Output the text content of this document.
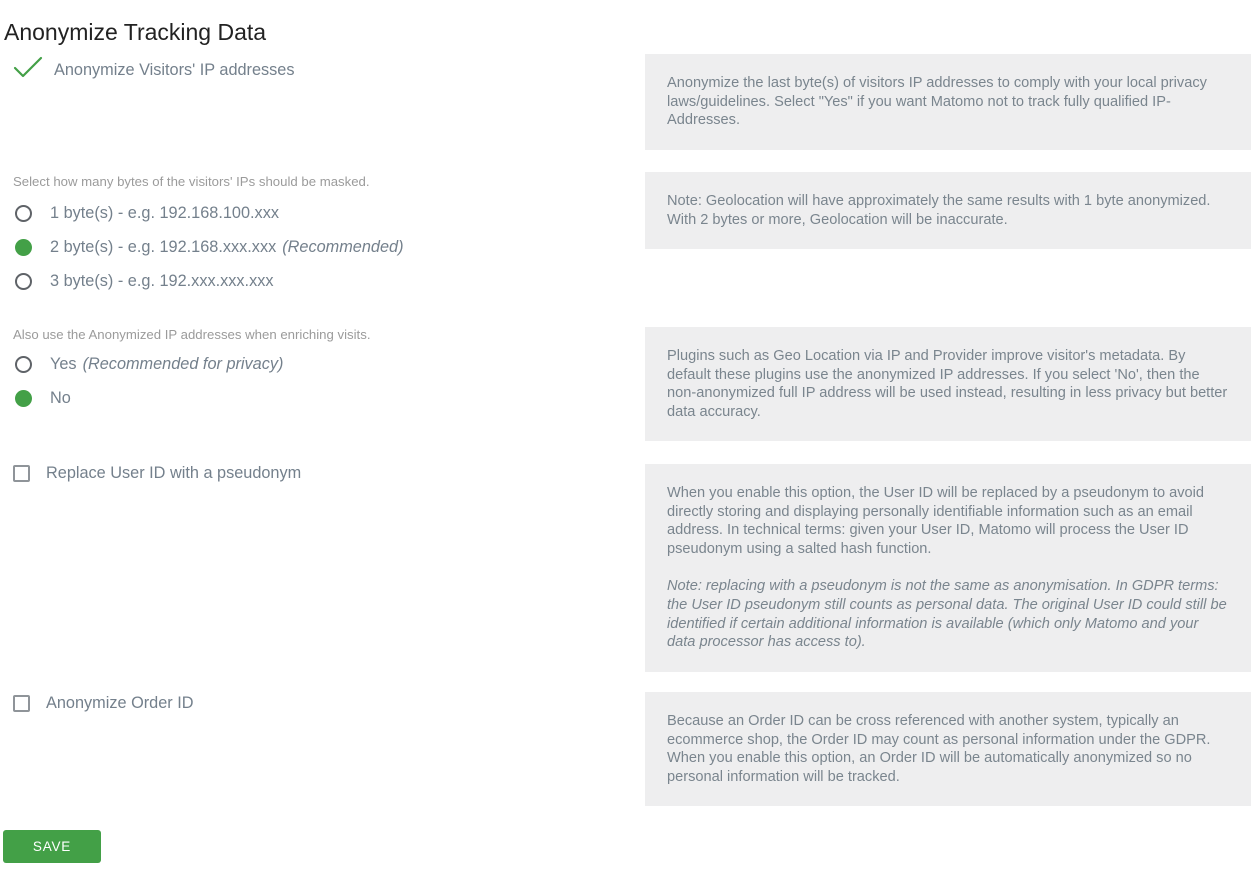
Anonymize Tracking Data
Anonymize Visitors' IP addresses

Anonymize the last byte(s) of visitors IP addresses to comply with your local privacy laws/guidelines. Select "Yes" if you want Matomo not to track fully qualified IP-Addresses.

Select how many bytes of the visitors' IPs should be masked.
1 byte(s) - e.g. 192.168.100.xxx
2 byte(s) - e.g. 192.168.xxx.xxx (Recommended)
3 byte(s) - e.g. 192.xxx.xxx.xxx

Note: Geolocation will have approximately the same results with 1 byte anonymized. With 2 bytes or more, Geolocation will be inaccurate.

Also use the Anonymized IP addresses when enriching visits.
Yes (Recommended for privacy)
No

Plugins such as Geo Location via IP and Provider improve visitor's metadata. By default these plugins use the anonymized IP addresses. If you select 'No', then the non-anonymized full IP address will be used instead, resulting in less privacy but better data accuracy.

Replace User ID with a pseudonym

When you enable this option, the User ID will be replaced by a pseudonym to avoid directly storing and displaying personally identifiable information such as an email address. In technical terms: given your User ID, Matomo will process the User ID pseudonym using a salted hash function.

Note: replacing with a pseudonym is not the same as anonymisation. In GDPR terms: the User ID pseudonym still counts as personal data. The original User ID could still be identified if certain additional information is available (which only Matomo and your data processor has access to).

Anonymize Order ID

Because an Order ID can be cross referenced with another system, typically an ecommerce shop, the Order ID may count as personal information under the GDPR. When you enable this option, an Order ID will be automatically anonymized so no personal information will be tracked.

SAVE
